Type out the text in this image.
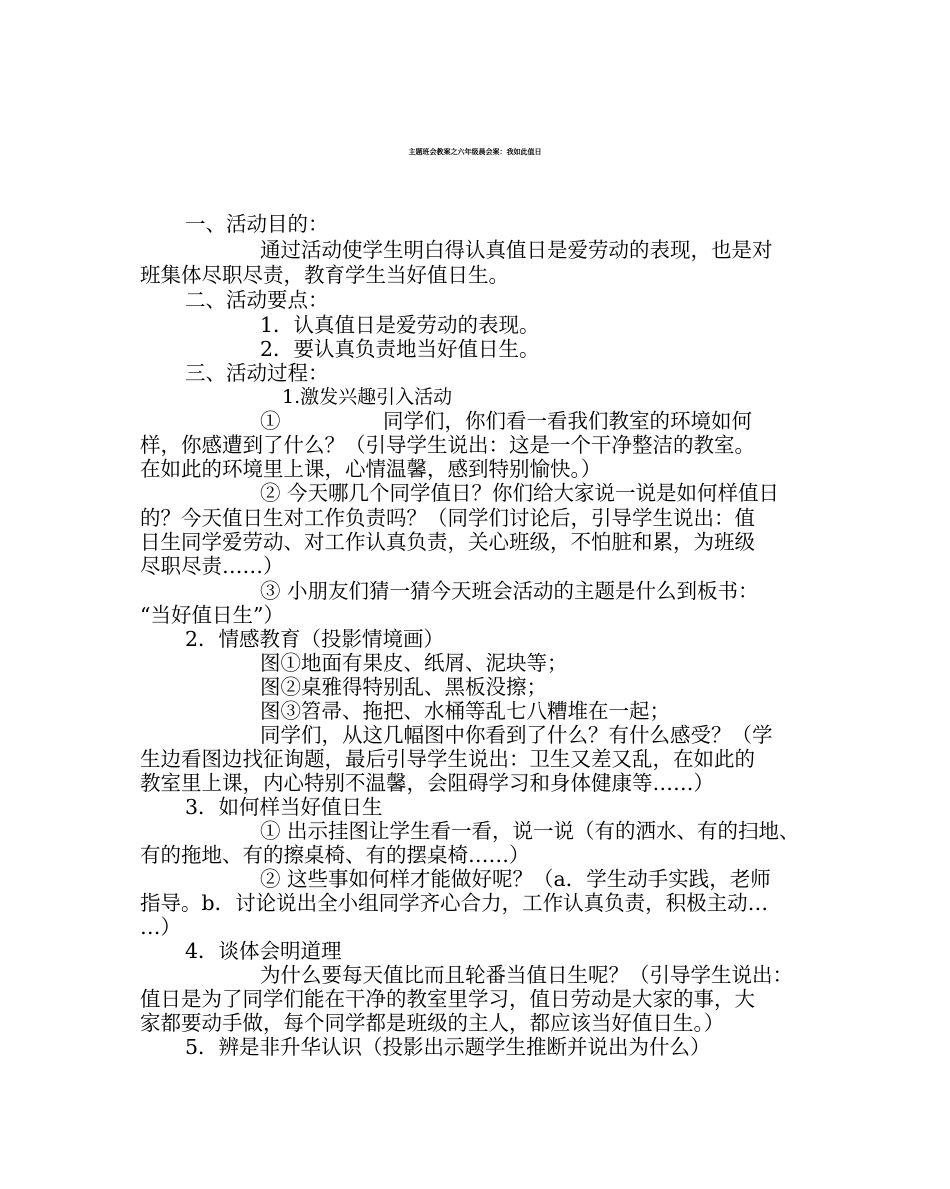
主题班会教案之六年级晨会案：我如此值日
一、活动目的：
通过活动使学生明白得认真值日是爱劳动的表现，也是对
班集体尽职尽责，教育学生当好值日生。
二、活动要点：
1．认真值日是爱劳动的表现。
2．要认真负责地当好值日生。
三、活动过程：
1.激发兴趣引入活动
①　　　　　同学们，你们看一看我们教室的环境如何
样，你感遭到了什么？（引导学生说出：这是一个干净整洁的教室。
在如此的环境里上课，心情温馨，感到特别愉快。）
② 今天哪几个同学值日？你们给大家说一说是如何样值日
的？今天值日生对工作负责吗？（同学们讨论后，引导学生说出：值
日生同学爱劳动、对工作认真负责，关心班级，不怕脏和累，为班级
尽职尽责……）
③ 小朋友们猜一猜今天班会活动的主题是什么到板书：
“当好值日生”）
2．情感教育（投影情境画）
图①地面有果皮、纸屑、泥块等；
图②桌雅得特别乱、黑板没擦；
图③笤帚、拖把、水桶等乱七八糟堆在一起；
同学们，从这几幅图中你看到了什么？有什么感受？（学
生边看图边找征询题，最后引导学生说出：卫生又差又乱，在如此的
教室里上课，内心特别不温馨，会阻碍学习和身体健康等……）
3．如何样当好值日生
① 出示挂图让学生看一看，说一说（有的洒水、有的扫地、
有的拖地、有的擦桌椅、有的摆桌椅……）
② 这些事如何样才能做好呢？（a．学生动手实践，老师
指导。b．讨论说出全小组同学齐心合力，工作认真负责，积极主动…
…）
4．谈体会明道理
为什么要每天值比而且轮番当值日生呢？（引导学生说出：
值日是为了同学们能在干净的教室里学习，值日劳动是大家的事，大
家都要动手做，每个同学都是班级的主人，都应该当好值日生。）
5．辨是非升华认识（投影出示题学生推断并说出为什么）
